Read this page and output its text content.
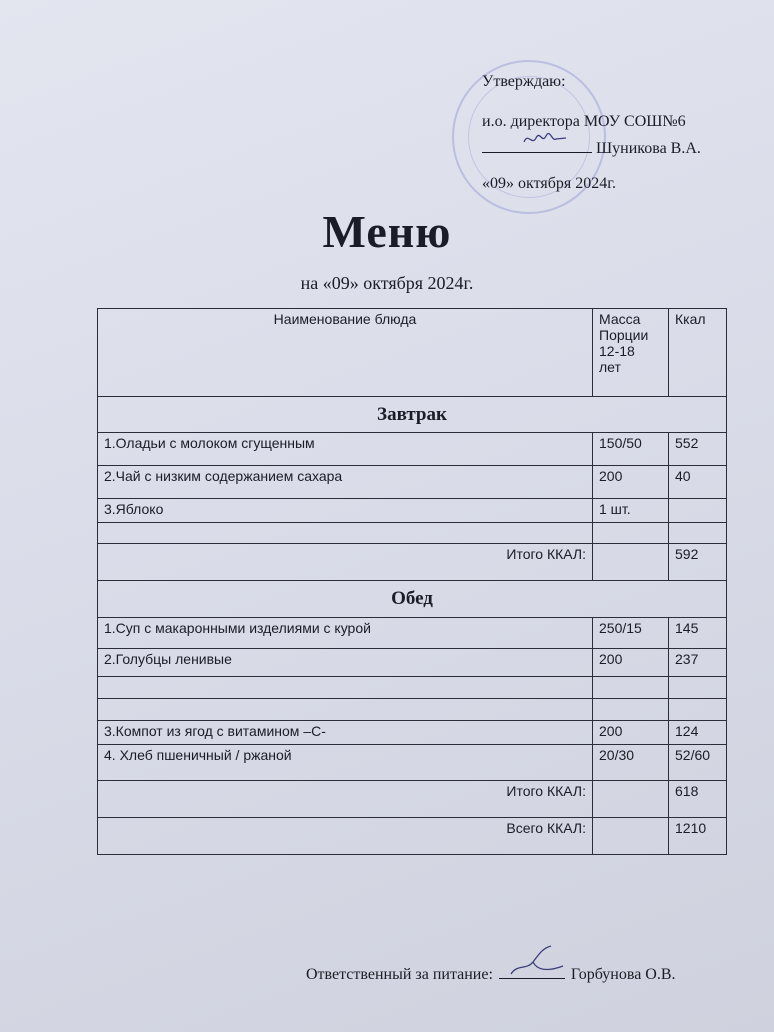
Утверждаю:
и.о. директора МОУ СОШ№6
Шуникова В.А.
«09» октября 2024г.
Меню
на «09» октября 2024г.
Наименование блюда	Масса
Порции
12-18
лет	Ккал
Завтрак		
1.Оладьи с молоком сгущенным	150/50	552
2.Чай с низким содержанием сахара	200	40
3.Яблоко	1 шт.	

Итого ККАЛ:		592
Обед		
1.Суп с макаронными изделиями с курой	250/15	145
2.Голубцы ленивые	200	237

3.Компот из ягод с витамином –С-	200	124
4. Хлеб пшеничный / ржаной	20/30	52/60
Итого ККАЛ:		618
Всего ККАЛ:		1210
Ответственный за питание:	Горбунова О.В.
